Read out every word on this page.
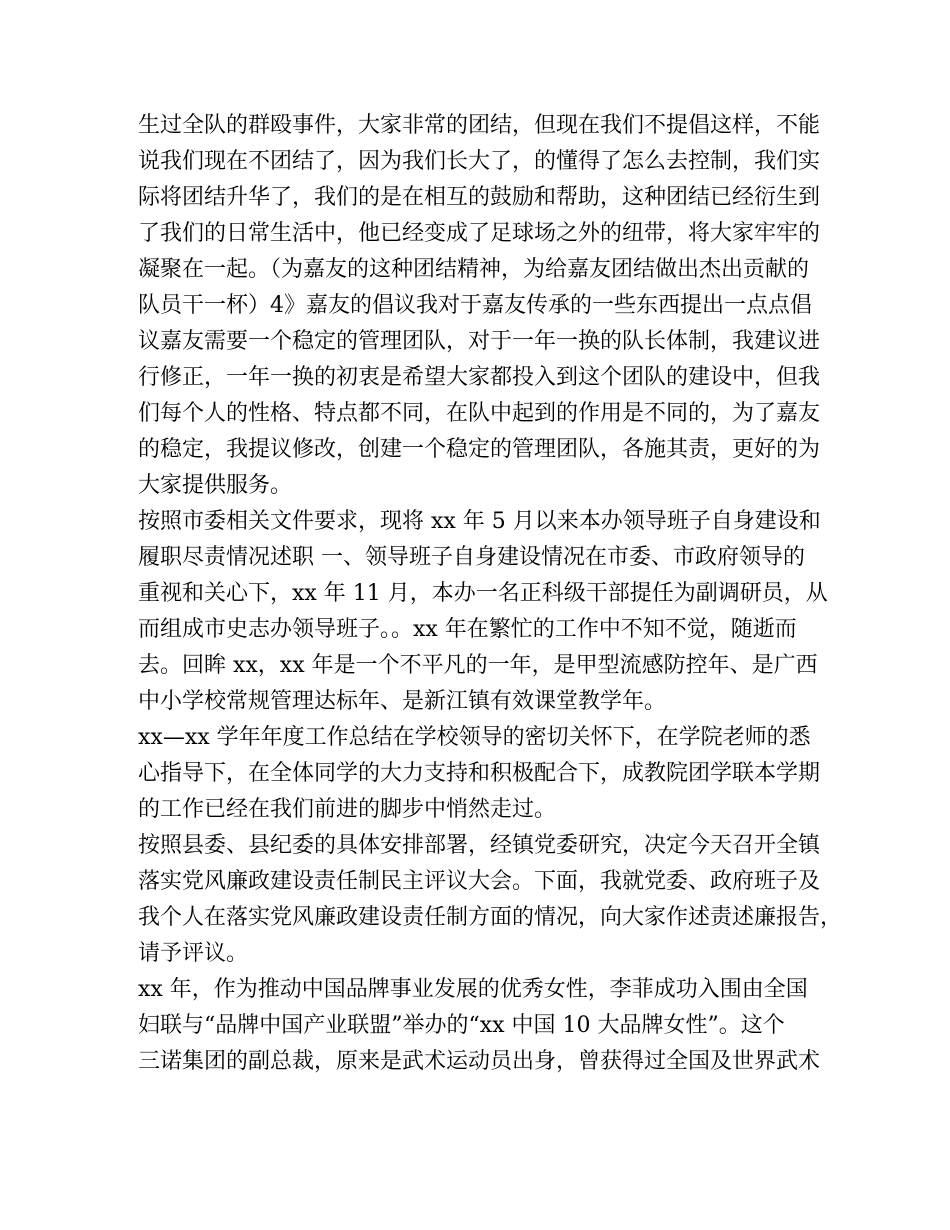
生过全队的群殴事件，大家非常的团结，但现在我们不提倡这样，不能
说我们现在不团结了，因为我们长大了，的懂得了怎么去控制，我们实
际将团结升华了，我们的是在相互的鼓励和帮助，这种团结已经衍生到
了我们的日常生活中，他已经变成了足球场之外的纽带，将大家牢牢的
凝聚在一起。（为嘉友的这种团结精神，为给嘉友团结做出杰出贡献的
队员干一杯）4》嘉友的倡议我对于嘉友传承的一些东西提出一点点倡
议嘉友需要一个稳定的管理团队，对于一年一换的队长体制，我建议进
行修正，一年一换的初衷是希望大家都投入到这个团队的建设中，但我
们每个人的性格、特点都不同，在队中起到的作用是不同的，为了嘉友
的稳定，我提议修改，创建一个稳定的管理团队，各施其责，更好的为
大家提供服务。

按照市委相关文件要求，现将 xx 年 5 月以来本办领导班子自身建设和
履职尽责情况述职 一、领导班子自身建设情况在市委、市政府领导的
重视和关心下，xx 年 11 月，本办一名正科级干部提任为副调研员，从
而组成市史志办领导班子。。xx 年在繁忙的工作中不知不觉，随逝而
去。回眸 xx，xx 年是一个不平凡的一年，是甲型流感防控年、是广西
中小学校常规管理达标年、是新江镇有效课堂教学年。

xx—xx 学年年度工作总结在学校领导的密切关怀下，在学院老师的悉
心指导下，在全体同学的大力支持和积极配合下，成教院团学联本学期
的工作已经在我们前进的脚步中悄然走过。

按照县委、县纪委的具体安排部署，经镇党委研究，决定今天召开全镇
落实党风廉政建设责任制民主评议大会。下面，我就党委、政府班子及
我个人在落实党风廉政建设责任制方面的情况，向大家作述责述廉报告，
请予评议。

xx 年，作为推动中国品牌事业发展的优秀女性，李菲成功入围由全国
妇联与“品牌中国产业联盟”举办的“xx 中国 10 大品牌女性”。这个
三诺集团的副总裁，原来是武术运动员出身，曾获得过全国及世界武术
